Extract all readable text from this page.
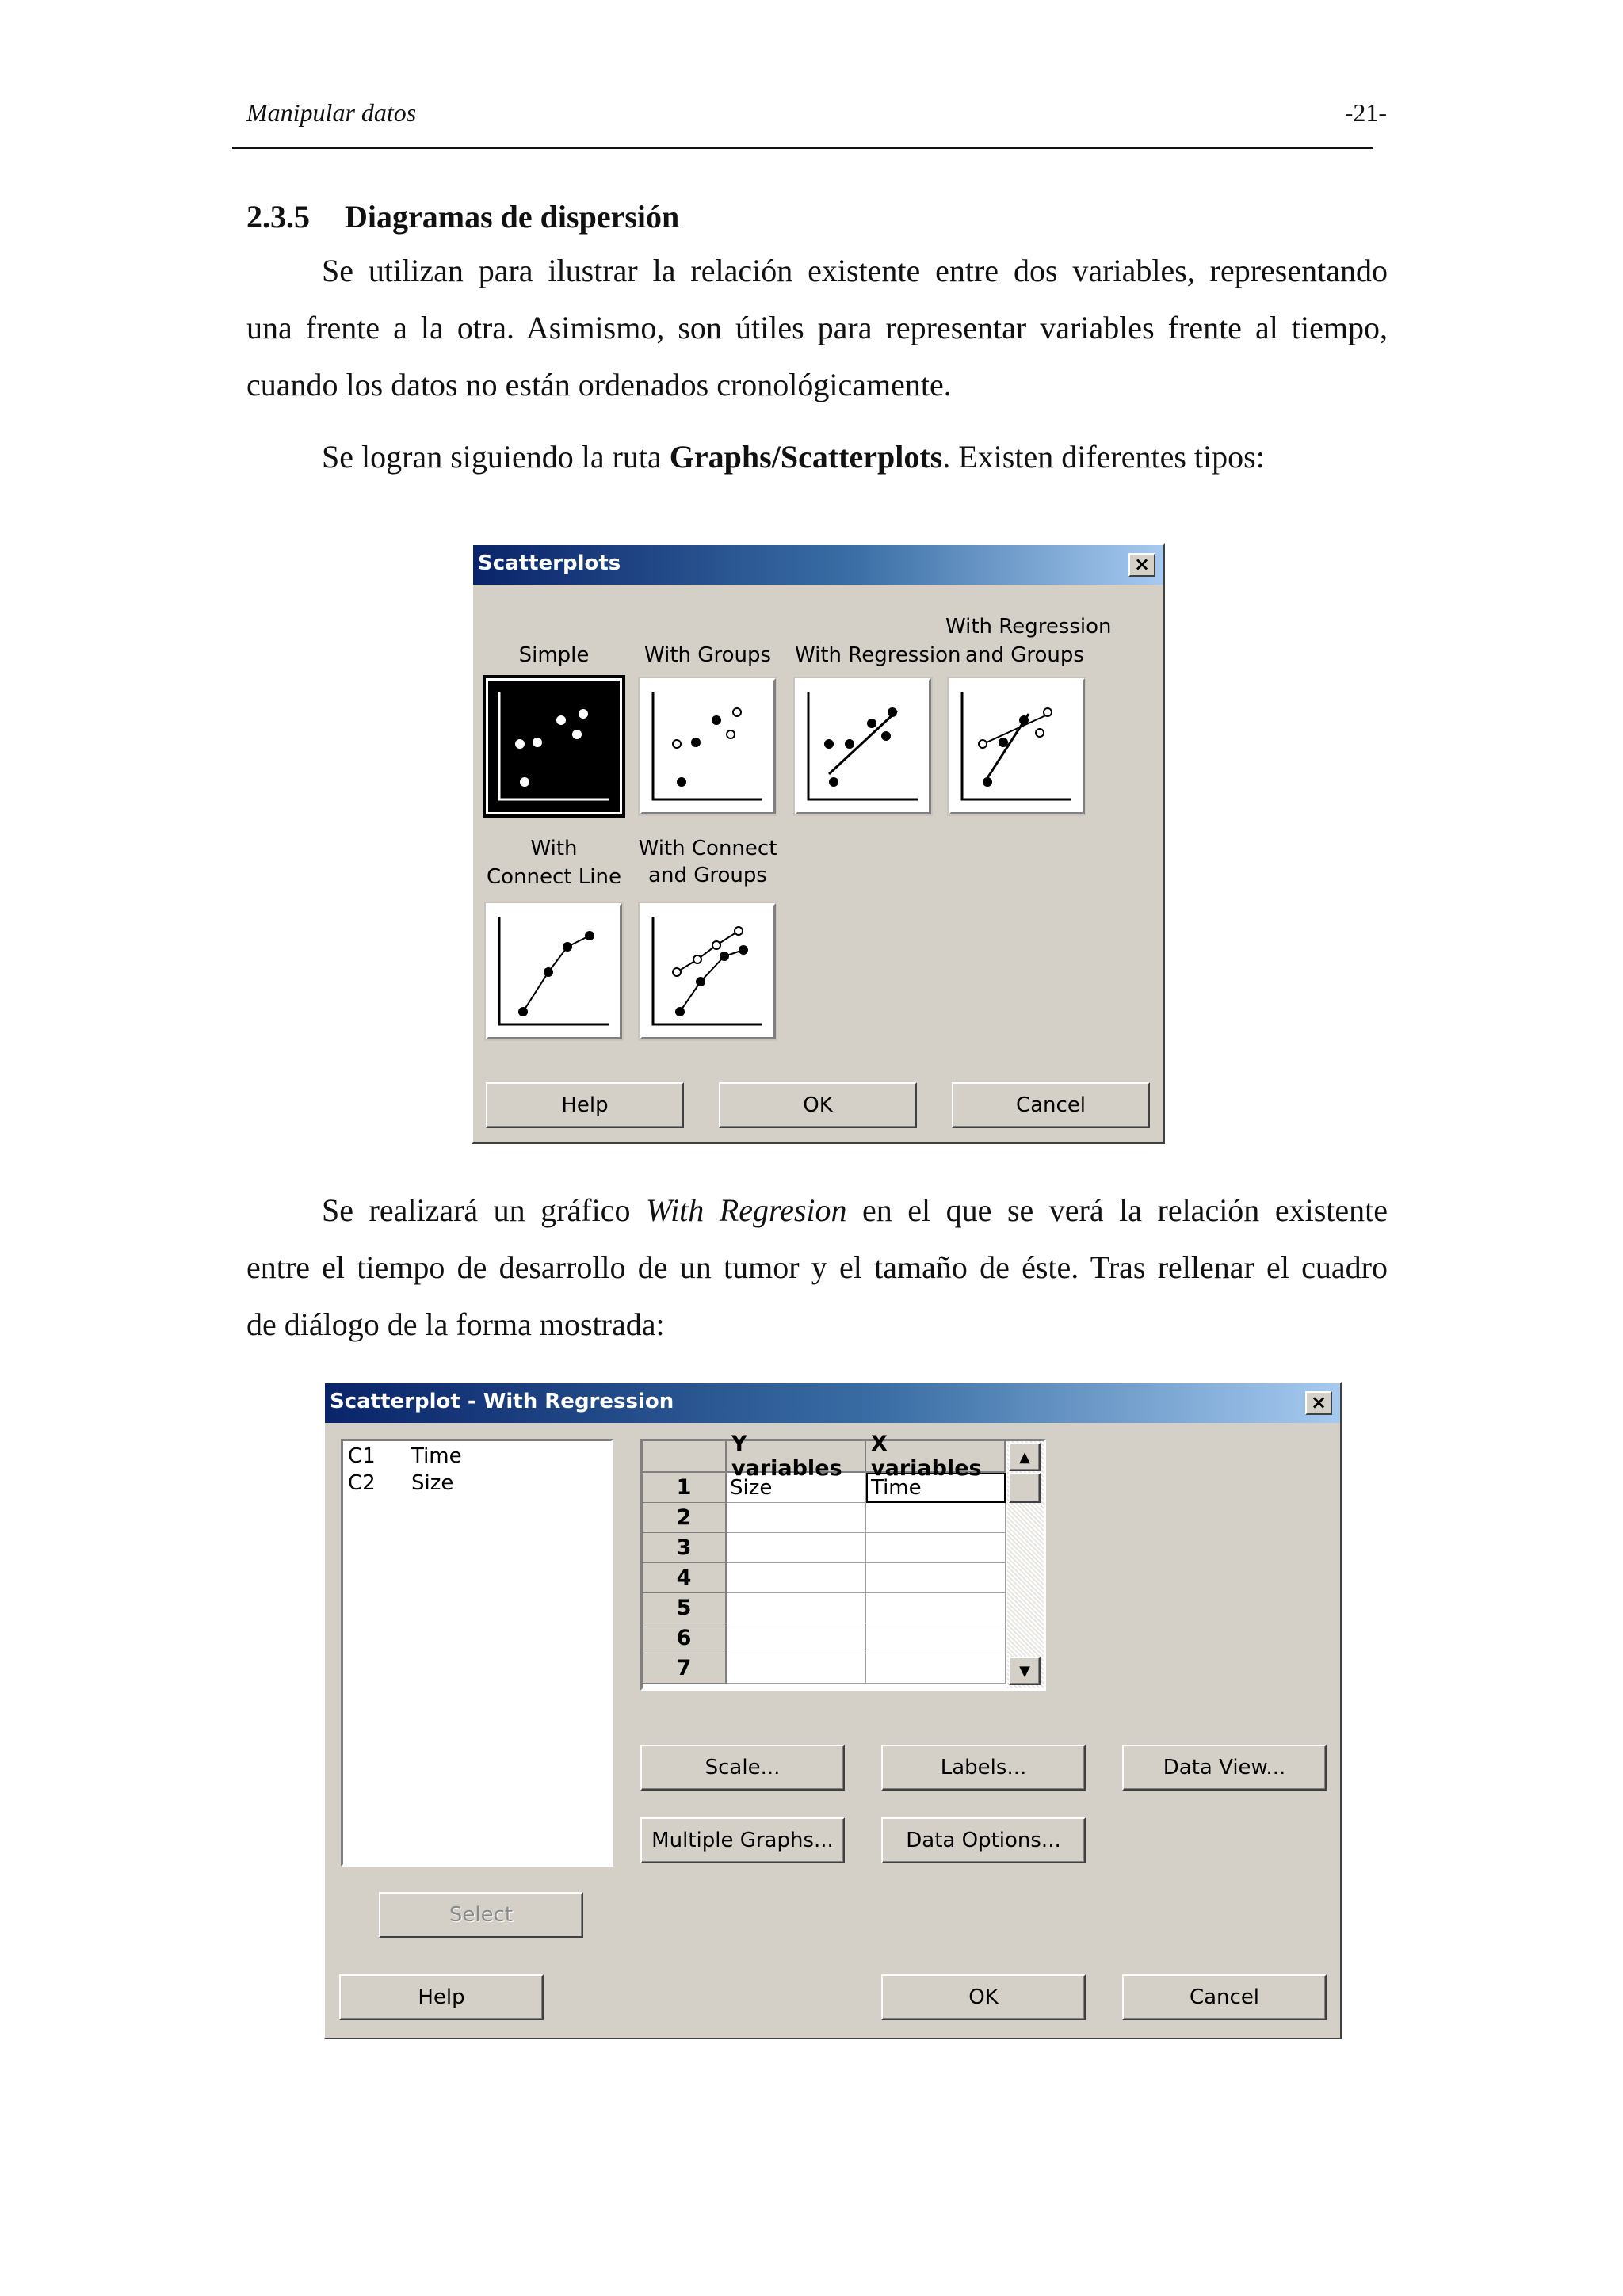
Manipular datos	-21-
2.3.5 Diagramas de dispersión
Se utilizan para ilustrar la relación existente entre dos variables, representando
una frente a la otra. Asimismo, son útiles para representar variables frente al tiempo,
cuando los datos no están ordenados cronológicamente.
Se logran siguiendo la ruta Graphs/Scatterplots. Existen diferentes tipos:
Scatterplots	×
Simple	With Groups With Regression
With Regression
and Groups
With
Connect Line
With Connect
and Groups
Help	OK	Cancel
Se realizará un gráfico With Regresion en el que se verá la relación existente
entre el tiempo de desarrollo de un tumor y el tamaño de éste. Tras rellenar el cuadro
de diálogo de la forma mostrada:
Scatterplot - With Regression	×
C1	Time
C2	Size
Y variables
X variables
1	Size	Time
2
3
4
5
6
7
▲
▼
Scale...	Labels...	Data View...
Multiple Graphs...	Data Options...
Select
Help	OK	Cancel
